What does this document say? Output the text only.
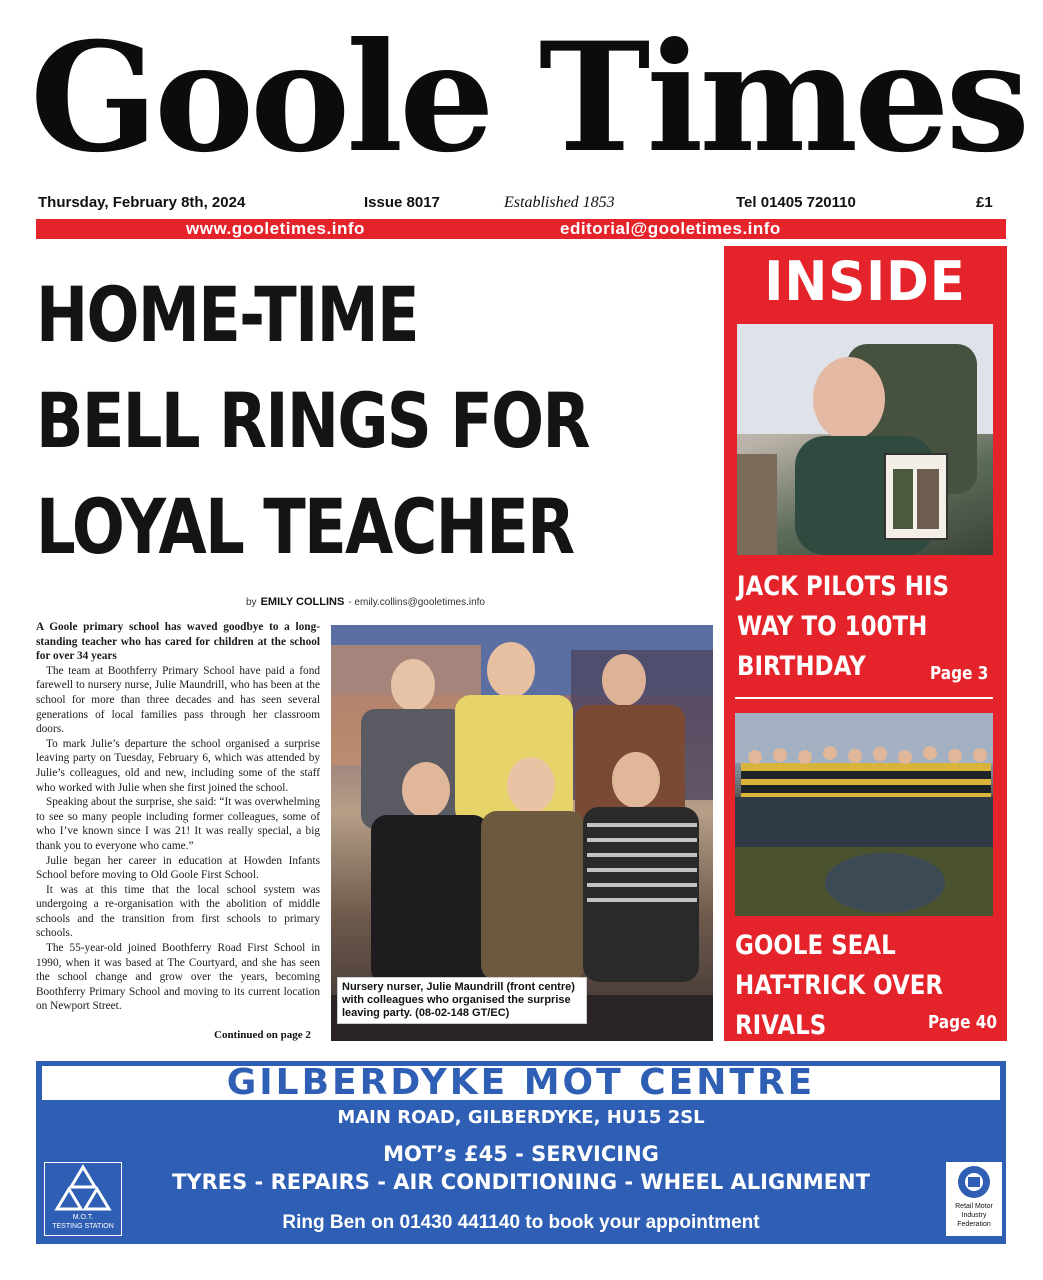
Goole Times
Thursday, February 8th, 2024	Issue 8017	Established 1853	Tel 01405 720110	£1
www.gooletimes.info	editorial@gooletimes.info
HOME-TIME
BELL RINGS FOR
LOYAL TEACHER
by EMILY COLLINS - emily.collins@gooletimes.info

A Goole primary school has waved goodbye to a long-standing teacher who has cared for children at the school for over 34 years

The team at Boothferry Primary School have paid a fond farewell to nursery nurse, Julie Maundrill, who has been at the school for more than three decades and has seen several generations of local families pass through her classroom doors.

To mark Julie’s departure the school organised a surprise leaving party on Tuesday, February 6, which was attended by Julie’s colleagues, old and new, including some of the staff who worked with Julie when she first joined the school.

Speaking about the surprise, she said: “It was overwhelming to see so many people including former colleagues, some of who I’ve known since I was 21! It was really special, a big thank you to everyone who came.”

Julie began her career in education at Howden Infants School before moving to Old Goole First School.

It was at this time that the local school system was undergoing a re-organisation with the abolition of middle schools and the transition from first schools to primary schools.

The 55-year-old joined Boothferry Road First School in 1990, when it was based at The Courtyard, and she has seen the school change and grow over the years, becoming Boothferry Primary School and moving to its current location on Newport Street.

Continued on page 2
Nursery nurser, Julie Maundrill (front centre) with colleagues who organised the surprise leaving party. (08-02-148 GT/EC)
INSIDE
JACK PILOTS HIS
WAY TO 100TH
BIRTHDAY	Page 3
GOOLE SEAL
HAT-TRICK OVER
RIVALS	Page 40
GILBERDYKE MOT CENTRE
MAIN ROAD, GILBERDYKE, HU15 2SL
MOT’s £45 - SERVICING
TYRES - REPAIRS - AIR CONDITIONING - WHEEL ALIGNMENT
Ring Ben on 01430 441140 to book your appointment
M.O.T.
TESTING STATION
Retail Motor
Industry
Federation
